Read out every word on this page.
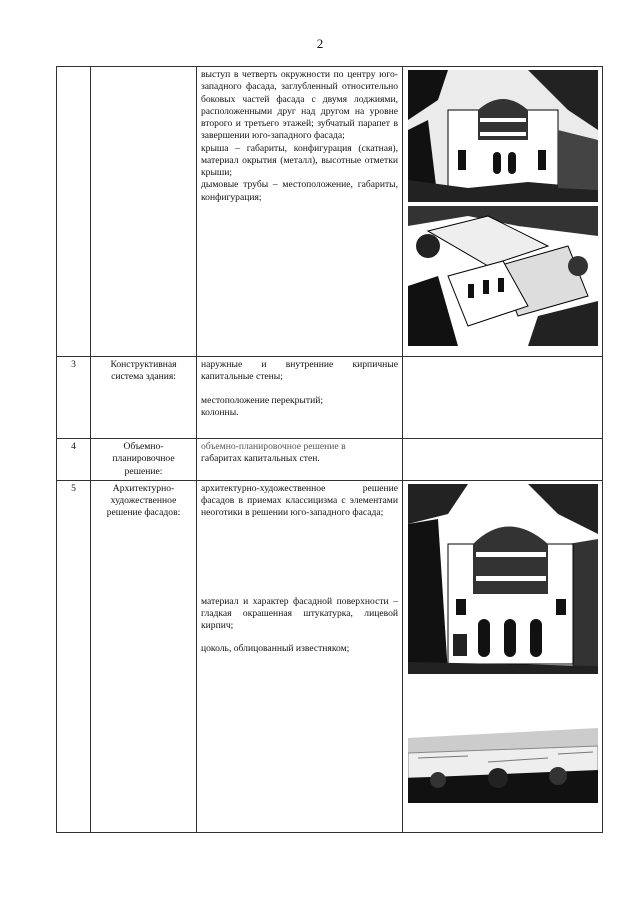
2

		выступ в четверть окружности по центру юго-западного фасада, заглубленный относительно боковых частей фасада с двумя лоджиями, расположенными друг над другом на уровне второго и третьего этажей; зубчатый парапет в завершении юго-западного фасада;
крыша – габариты, конфигурация (скатная), материал окрытия (металл), высотные отметки крыши;
дымовые трубы – местоположение, габариты, конфигурация;

3	Конструктивная система здания:	наружные и внутренние кирпичные капитальные стены;
местоположение перекрытий;
колонны.	

4	Объемно-планировочное решение:	объемно-планировочное решение в
габаритах капитальных стен.	

5	Архитектурно-художественное решение фасадов:	архитектурно-художественное решение фасадов в приемах классицизма с элементами неоготики в решении юго-западного фасада;
материал и характер фасадной поверхности – гладкая окрашенная штукатурка, лицевой кирпич;
цоколь, облицованный известняком;
